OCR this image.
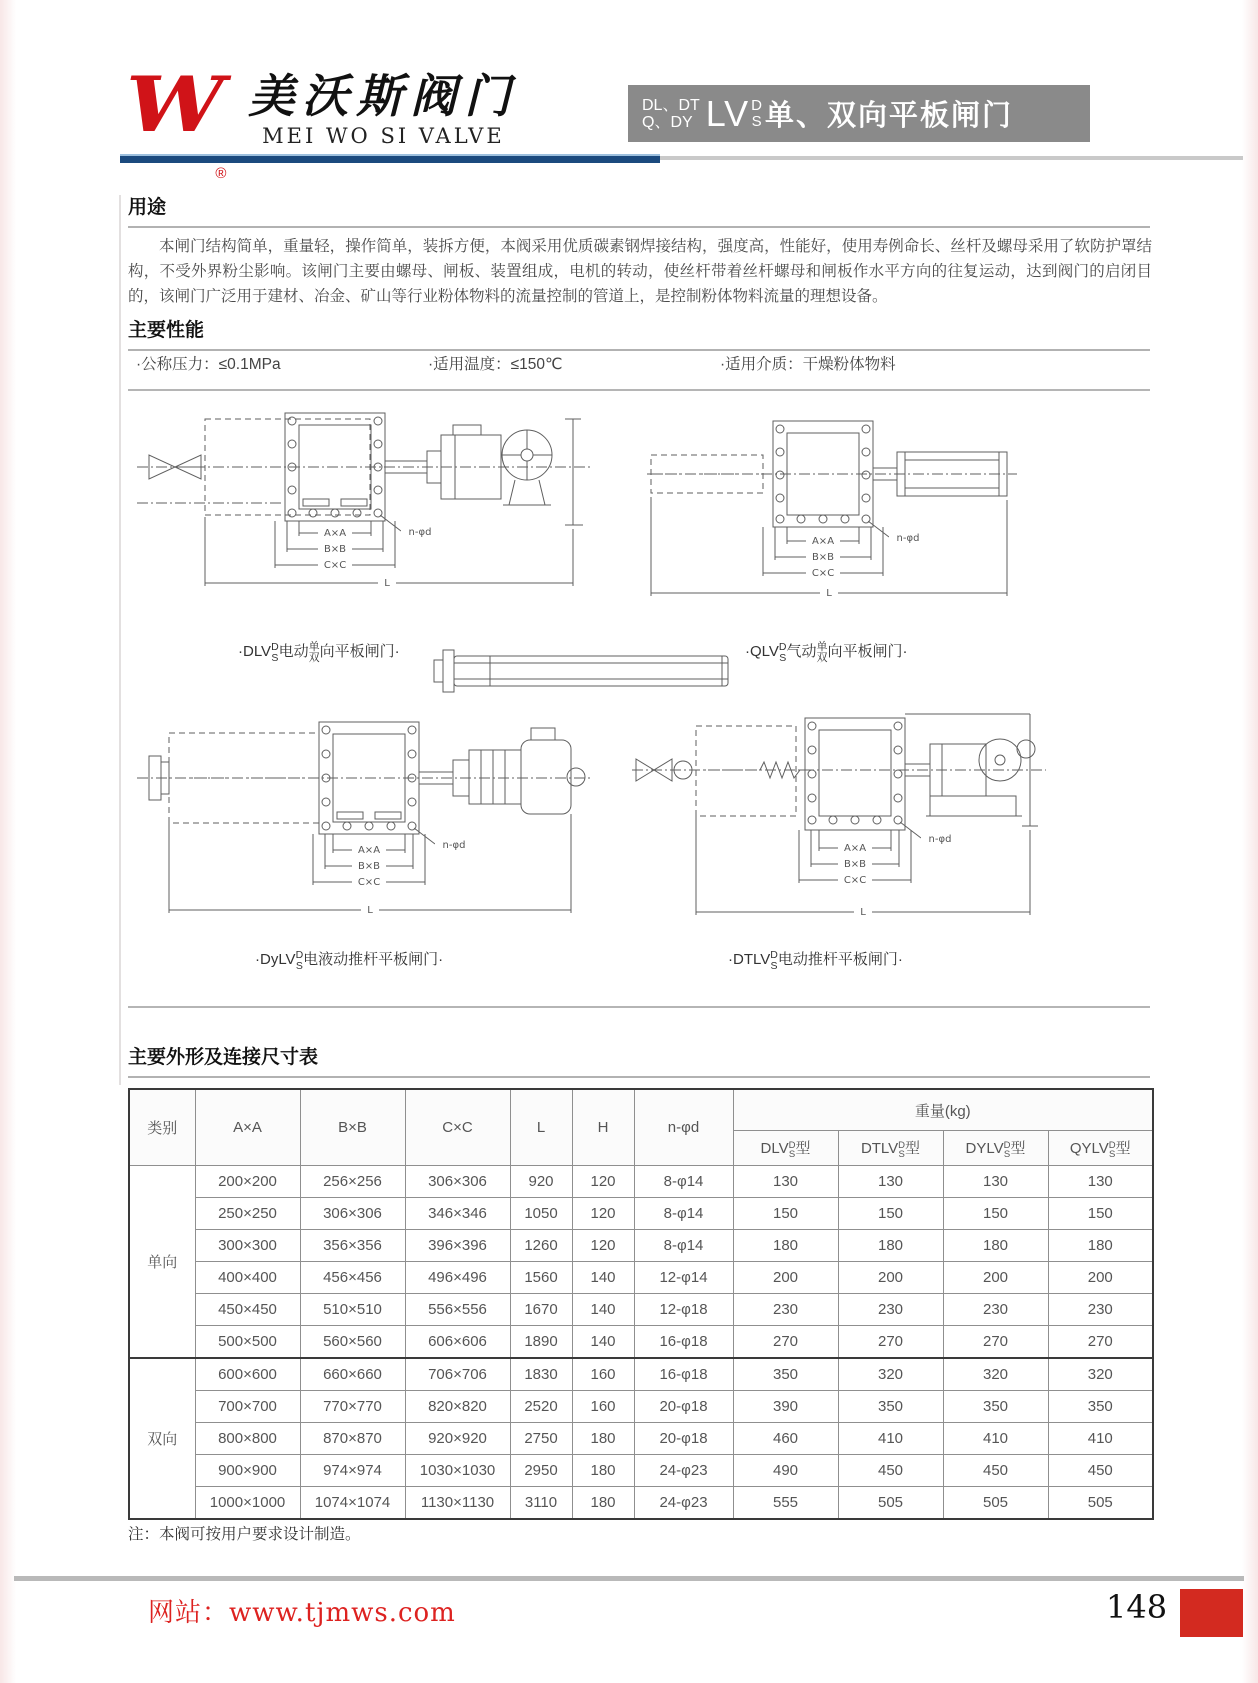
W®
美沃斯阀门
MEI WO SI VALVE
DL、DT
Q、DY LV D
S 单、双向平板闸门
用途
本闸门结构简单，重量轻，操作简单，装拆方便，本阀采用优质碳素钢焊接结构，强度高，性能好，使用寿例命长、丝杆及螺母采用了软防护罩结构，不受外界粉尘影响。该闸门主要由螺母、闸板、装置组成，电机的转动，使丝杆带着丝杆螺母和闸板作水平方向的往复运动，达到阀门的启闭目的，该闸门广泛用于建材、冶金、矿山等行业粉体物料的流量控制的管道上，是控制粉体物料流量的理想设备。
主要性能
·公称压力：≤0.1MPa	·适用温度：≤150℃	·适用介质：干燥粉体物料
A×A
B×B
C×C
L
n-φd
·DLV D
S 电动 单
双 向平板闸门·
A×A
B×B
C×C
L
n-φd
·QLV D
S 气动 单
双 向平板闸门·
A×A
B×B
C×C
L
n-φd
·DyLV D
S 电液动推杆平板闸门·
A×A
B×B
C×C
L
n-φd
·DTLV D
S 电动推杆平板闸门·
主要外形及连接尺寸表
类别	A×A	B×B	C×C	L	H	n-φd	重量(kg)			
							DLV D
S 型	DTLV D
S 型	DYLV D
S 型	QYLV D
S 型
单向	200×200	256×256	306×306	920	120	8-φ14	130	130	130	130
	250×250	306×306	346×346	1050	120	8-φ14	150	150	150	150
	300×300	356×356	396×396	1260	120	8-φ14	180	180	180	180
	400×400	456×456	496×496	1560	140	12-φ14	200	200	200	200
	450×450	510×510	556×556	1670	140	12-φ18	230	230	230	230
	500×500	560×560	606×606	1890	140	16-φ18	270	270	270	270
双向	600×600	660×660	706×706	1830	160	16-φ18	350	320	320	320
	700×700	770×770	820×820	2520	160	20-φ18	390	350	350	350
	800×800	870×870	920×920	2750	180	20-φ18	460	410	410	410
	900×900	974×974	1030×1030	2950	180	24-φ23	490	450	450	450
	1000×1000	1074×1074	1130×1130	3110	180	24-φ23	555	505	505	505
注：本阀可按用户要求设计制造。
网站：www.tjmws.com	148
